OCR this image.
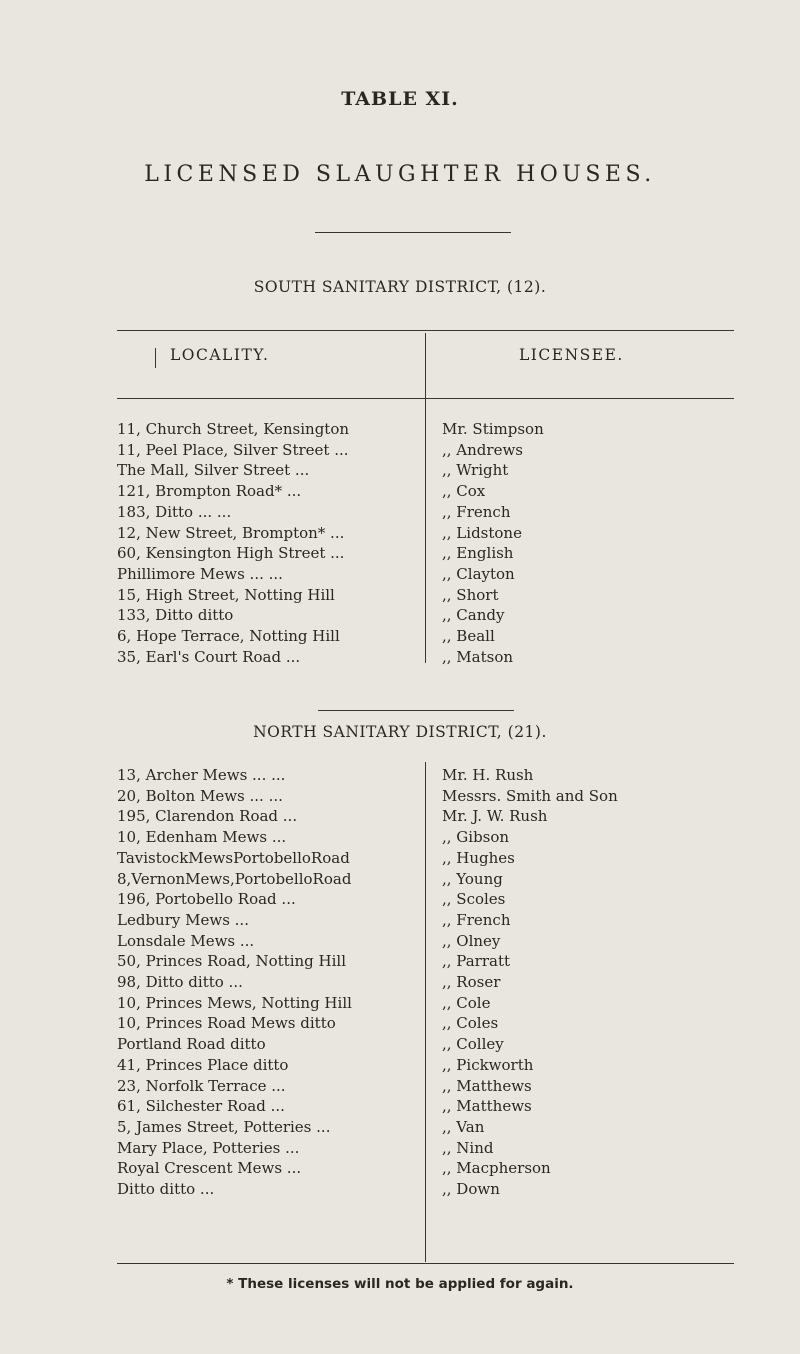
TABLE XI.
LICENSED SLAUGHTER HOUSES.
SOUTH SANITARY DISTRICT, (12).
LOCALITY.	LICENSEE.
11, Church Street, Kensington	Mr. Stimpson
11, Peel Place, Silver Street ...	,, Andrews
The Mall, Silver Street ...	,, Wright
121, Brompton Road* ...	,, Cox
183, Ditto ... ...	,, French
12, New Street, Brompton* ...	,, Lidstone
60, Kensington High Street ...	,, English
Phillimore Mews ... ...	,, Clayton
15, High Street, Notting Hill	,, Short
133, Ditto ditto	,, Candy
6, Hope Terrace, Notting Hill	,, Beall
35, Earl's Court Road ...	,, Matson
NORTH SANITARY DISTRICT, (21).
13, Archer Mews ... ...	Mr. H. Rush
20, Bolton Mews ... ...	Messrs. Smith and Son
195, Clarendon Road ...	Mr. J. W. Rush
10, Edenham Mews ...	,, Gibson
TavistockMewsPortobelloRoad	,, Hughes
8,VernonMews,PortobelloRoad	,, Young
196, Portobello Road ...	,, Scoles
Ledbury Mews ...	,, French
Lonsdale Mews ...	,, Olney
50, Princes Road, Notting Hill	,, Parratt
98, Ditto ditto ...	,, Roser
10, Princes Mews, Notting Hill	,, Cole
10, Princes Road Mews ditto	,, Coles
Portland Road ditto	,, Colley
41, Princes Place ditto	,, Pickworth
23, Norfolk Terrace ...	,, Matthews
61, Silchester Road ...	,, Matthews
5, James Street, Potteries ...	,, Van
Mary Place, Potteries ...	,, Nind
Royal Crescent Mews ...	,, Macpherson
Ditto ditto ...	,, Down
* These licenses will not be applied for again.
